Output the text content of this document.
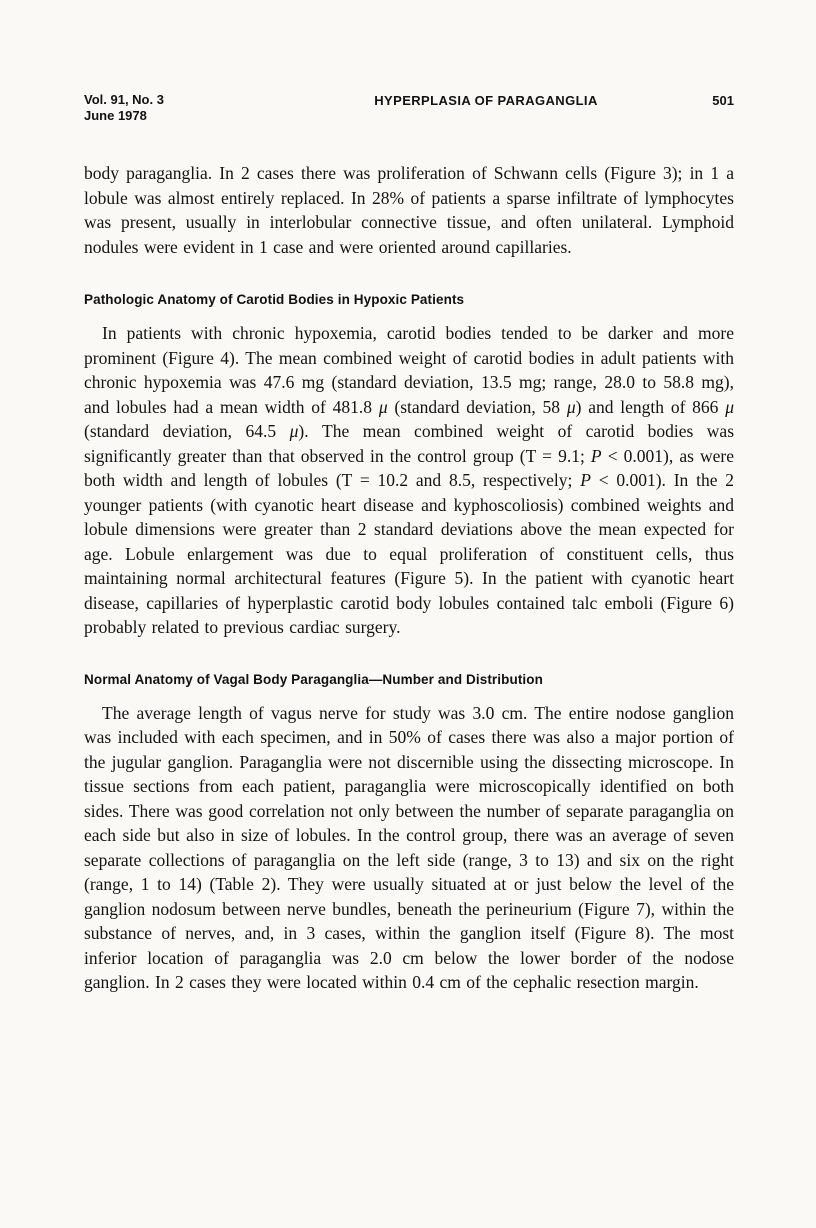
Vol. 91, No. 3
June 1978
HYPERPLASIA OF PARAGANGLIA	501

body paraganglia. In 2 cases there was proliferation of Schwann cells (Figure 3); in 1 a lobule was almost entirely replaced. In 28% of patients a sparse infiltrate of lymphocytes was present, usually in interlobular connective tissue, and often unilateral. Lymphoid nodules were evident in 1 case and were oriented around capillaries.

Pathologic Anatomy of Carotid Bodies in Hypoxic Patients

In patients with chronic hypoxemia, carotid bodies tended to be darker and more prominent (Figure 4). The mean combined weight of carotid bodies in adult patients with chronic hypoxemia was 47.6 mg (standard deviation, 13.5 mg; range, 28.0 to 58.8 mg), and lobules had a mean width of 481.8 μ (standard deviation, 58 μ) and length of 866 μ (standard deviation, 64.5 μ). The mean combined weight of carotid bodies was significantly greater than that observed in the control group (T = 9.1; P < 0.001), as were both width and length of lobules (T = 10.2 and 8.5, respectively; P < 0.001). In the 2 younger patients (with cyanotic heart disease and kyphoscoliosis) combined weights and lobule dimensions were greater than 2 standard deviations above the mean expected for age. Lobule enlargement was due to equal proliferation of constituent cells, thus maintaining normal architectural features (Figure 5). In the patient with cyanotic heart disease, capillaries of hyperplastic carotid body lobules contained talc emboli (Figure 6) probably related to previous cardiac surgery.

Normal Anatomy of Vagal Body Paraganglia—Number and Distribution

The average length of vagus nerve for study was 3.0 cm. The entire nodose ganglion was included with each specimen, and in 50% of cases there was also a major portion of the jugular ganglion. Paraganglia were not discernible using the dissecting microscope. In tissue sections from each patient, paraganglia were microscopically identified on both sides. There was good correlation not only between the number of separate paraganglia on each side but also in size of lobules. In the control group, there was an average of seven separate collections of paraganglia on the left side (range, 3 to 13) and six on the right (range, 1 to 14) (Table 2). They were usually situated at or just below the level of the ganglion nodosum between nerve bundles, beneath the perineurium (Figure 7), within the substance of nerves, and, in 3 cases, within the ganglion itself (Figure 8). The most inferior location of paraganglia was 2.0 cm below the lower border of the nodose ganglion. In 2 cases they were located within 0.4 cm of the cephalic resection margin.
